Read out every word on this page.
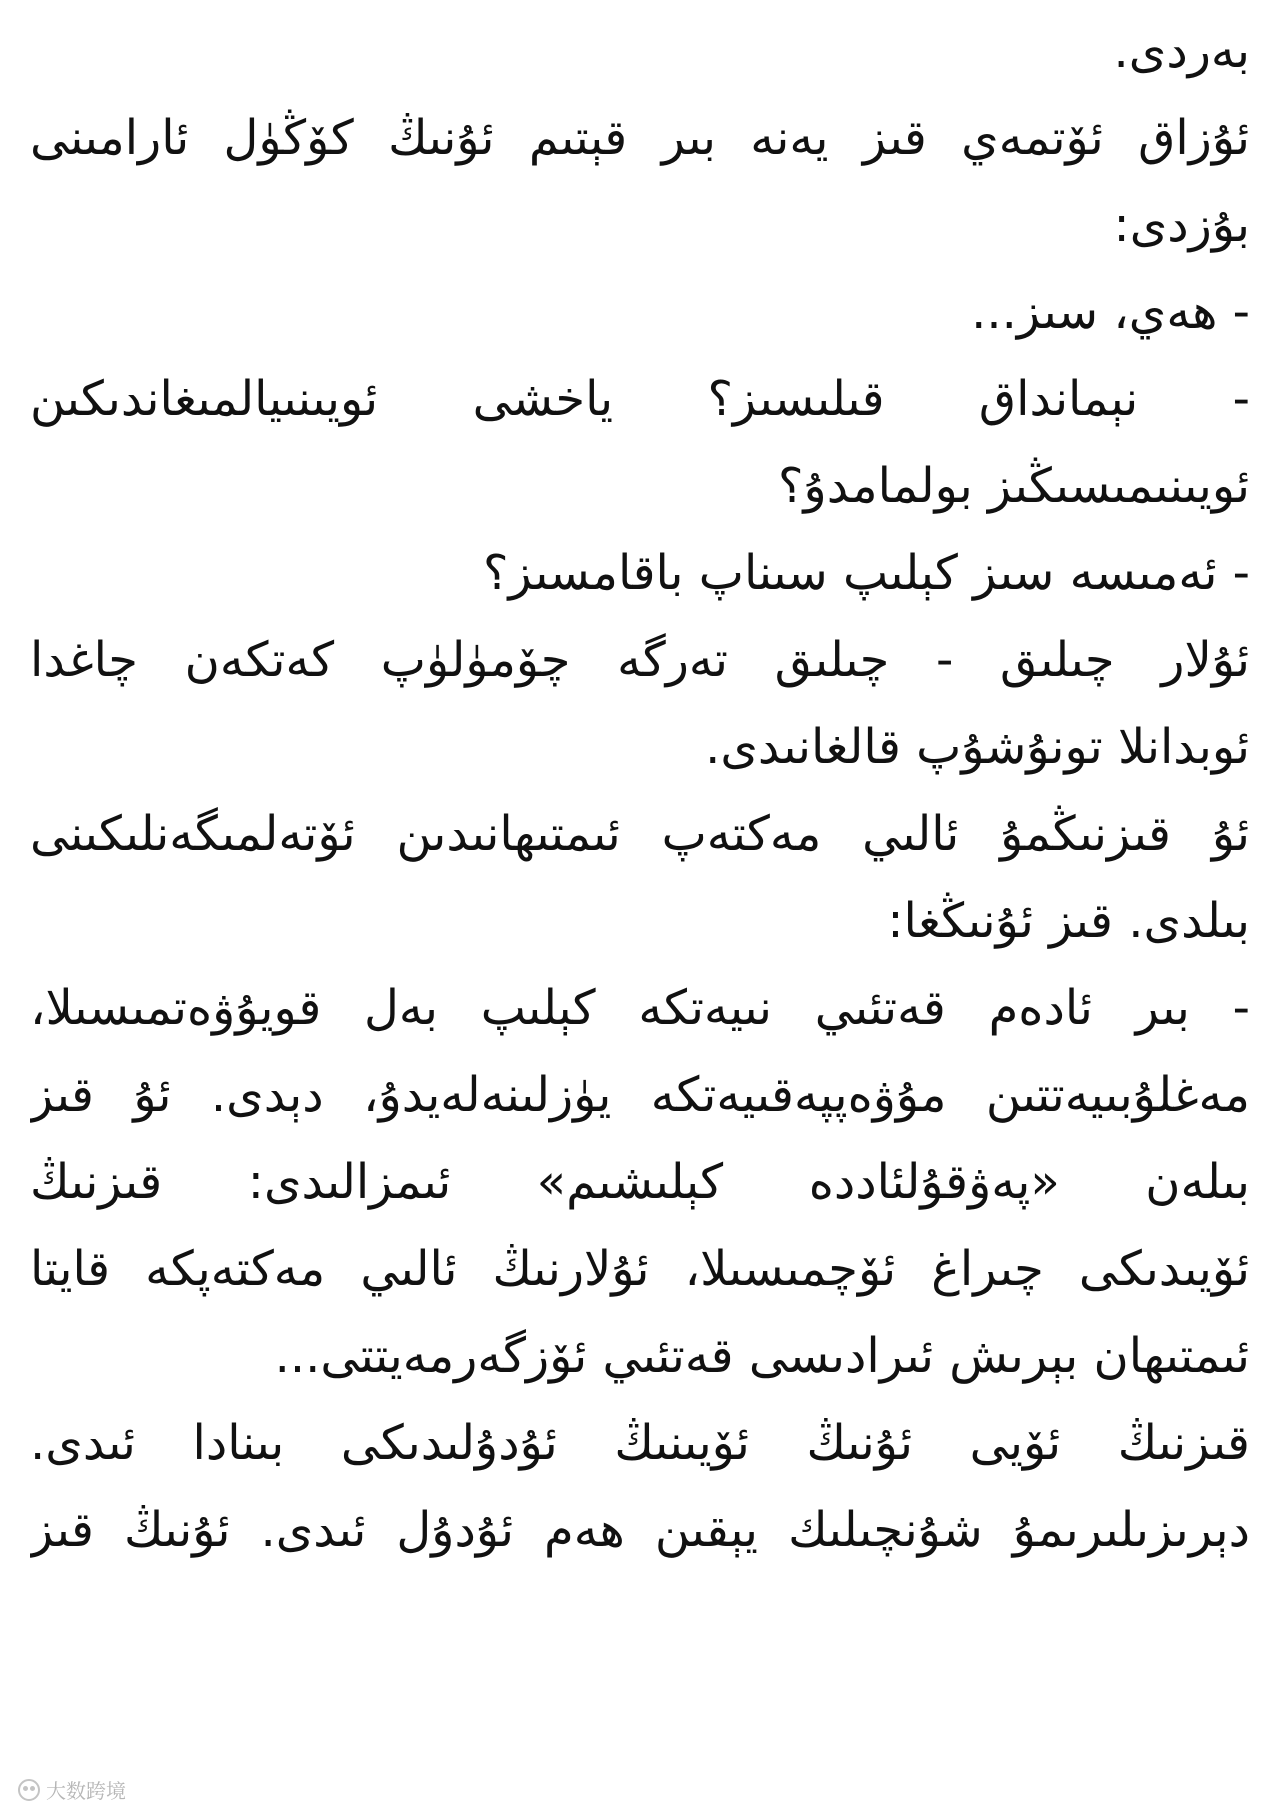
بەردى.
ئۇزاق ئۆتمەي قىز يەنە بىر قېتىم ئۇنىڭ كۆڭۈل ئارامىنى
بۇزدى:
- ھەي، سىز...
- نېمانداق قىلىسىز؟ ياخشى ئويىنىيالمىغاندىكىن
ئويىنىمىسىڭىز بولمامدۇ؟
- ئەمىسە سىز كېلىپ سىناپ باقامسىز؟
ئۇلار چىلىق - چىلىق تەرگە چۆمۈلۈپ كەتكەن چاغدا
ئوبدانلا تونۇشۇپ قالغانىدى.
ئۇ قىزنىڭمۇ ئالىي مەكتەپ ئىمتىھانىدىن ئۆتەلمىگەنلىكىنى
بىلدى. قىز ئۇنىڭغا:
- بىر ئادەم قەتئىي نىيەتكە كېلىپ بەل قويۇۋەتمىسىلا،
مەغلۇبىيەتتىن مۇۋەپپەقىيەتكە يۈزلىنەلەيدۇ، دېدى. ئۇ قىز
بىلەن «پەۋقۇلئاددە كېلىشىم» ئىمزالىدى: قىزنىڭ
ئۆيىدىكى چىراغ ئۆچمىسىلا، ئۇلارنىڭ ئالىي مەكتەپكە قايتا
ئىمتىھان بېرىش ئىرادىسى قەتئىي ئۆزگەرمەيتتى...
قىزنىڭ ئۆيى ئۇنىڭ ئۆيىنىڭ ئۇدۇلىدىكى بىنادا ئىدى.
دېرىزىلىرىمۇ شۇنچىلىك يېقىن ھەم ئۇدۇل ئىدى. ئۇنىڭ قىز
大数跨境
